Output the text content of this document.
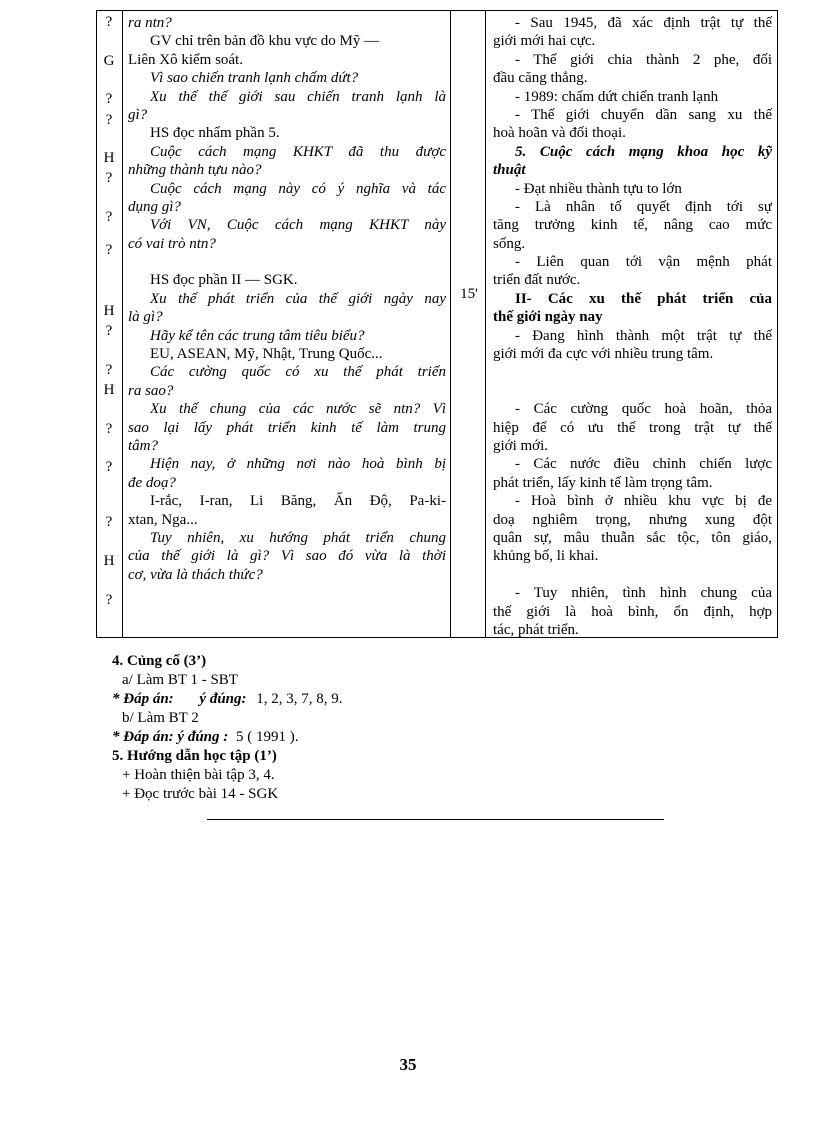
?
G
?
?
H
?
?
?
H
?
?
H
?
?
?
H
?
ra ntn?
GV chỉ trên bản đồ khu vực do Mỹ —
Liên Xô kiểm soát.
Vì sao chiến tranh lạnh chấm dứt?
Xu thế thế giới sau chiến tranh lạnh là
gì?
HS đọc nhẩm phần 5.
Cuộc cách mạng KHKT đã thu được
những thành tựu nào?
Cuộc cách mạng này có ý nghĩa và tác
dụng gì?
Với VN, Cuộc cách mạng KHKT này
có vai trò ntn?
HS đọc phần II — SGK.
Xu thế phát triển của thế giới ngày nay
là gì?
Hãy kể tên các trung tâm tiêu biểu?
EU, ASEAN, Mỹ, Nhật, Trung Quốc...
Các cường quốc có xu thế phát triển
ra sao?
Xu thế chung của các nước sẽ ntn? Vì
sao lại lấy phát triển kinh tế làm trung
tâm?
Hiện nay, ở những nơi nào hoà bình bị
đe doạ?
I-rắc, I-ran, Li Băng, Ấn Độ, Pa-ki-
xtan, Nga...
Tuy nhiên, xu hướng phát triển chung
của thế giới là gì? Vì sao đó vừa là thời
cơ, vừa là thách thức?
15'
- Sau 1945, đã xác định trật tự thế
giới mới hai cực.
- Thế giới chia thành 2 phe, đối
đầu căng thẳng.
- 1989: chấm dứt chiến tranh lạnh
- Thế giới chuyển dần sang xu thế
hoà hoãn và đối thoại.
5. Cuộc cách mạng khoa học kỹ
thuật
- Đạt nhiều thành tựu to lớn
- Là nhân tố quyết định tới sự
tăng trưởng kinh tế, nâng cao mức
sống.
- Liên quan tới vận mệnh phát
triển đất nước.
II- Các xu thế phát triển của
thế giới ngày nay
- Đang hình thành một trật tự thế
giới mới đa cực với nhiều trung tâm.
- Các cường quốc hoà hoãn, thỏa
hiệp để có ưu thế trong trật tự thế
giới mới.
- Các nước điều chỉnh chiến lược
phát triển, lấy kinh tế làm trọng tâm.
- Hoà bình ở nhiều khu vực bị đe
doạ nghiêm trọng, nhưng xung đột
quân sự, mâu thuẫn sắc tộc, tôn giáo,
khủng bố, li khai.
- Tuy nhiên, tình hình chung của
thế giới là hoà bình, ổn định, hợp
tác, phát triển.
4. Củng cố (3’)
a/ Làm BT 1 - SBT
* Đáp án: ý đúng: 1, 2, 3, 7, 8, 9.
b/ Làm BT 2
* Đáp án: ý đúng : 5 ( 1991 ).
5. Hướng dẫn học tập (1’)
+ Hoàn thiện bài tập 3, 4.
+ Đọc trước bài 14 - SGK
35
